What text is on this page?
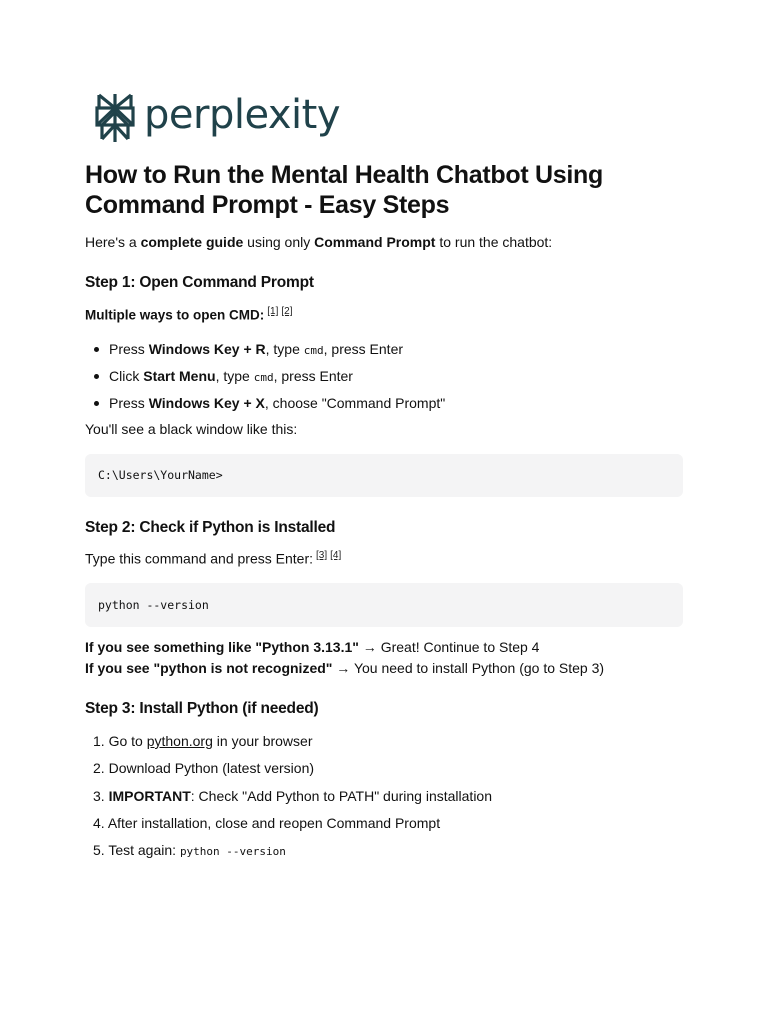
perplexity
How to Run the Mental Health Chatbot Using Command Prompt - Easy Steps

Here's a complete guide using only Command Prompt to run the chatbot:

Step 1: Open Command Prompt

Multiple ways to open CMD: [1] [2]

Press Windows Key + R, type cmd, press Enter
Click Start Menu, type cmd, press Enter
Press Windows Key + X, choose "Command Prompt"

You'll see a black window like this:

C:\Users\YourName>
Step 2: Check if Python is Installed

Type this command and press Enter: [3] [4]

python --version

If you see something like "Python 3.13.1" → Great! Continue to Step 4

If you see "python is not recognized" → You need to install Python (go to Step 3)

Step 3: Install Python (if needed)
1. Go to python.org in your browser
2. Download Python (latest version)
3. IMPORTANT: Check "Add Python to PATH" during installation
4. After installation, close and reopen Command Prompt
5. Test again: python --version
